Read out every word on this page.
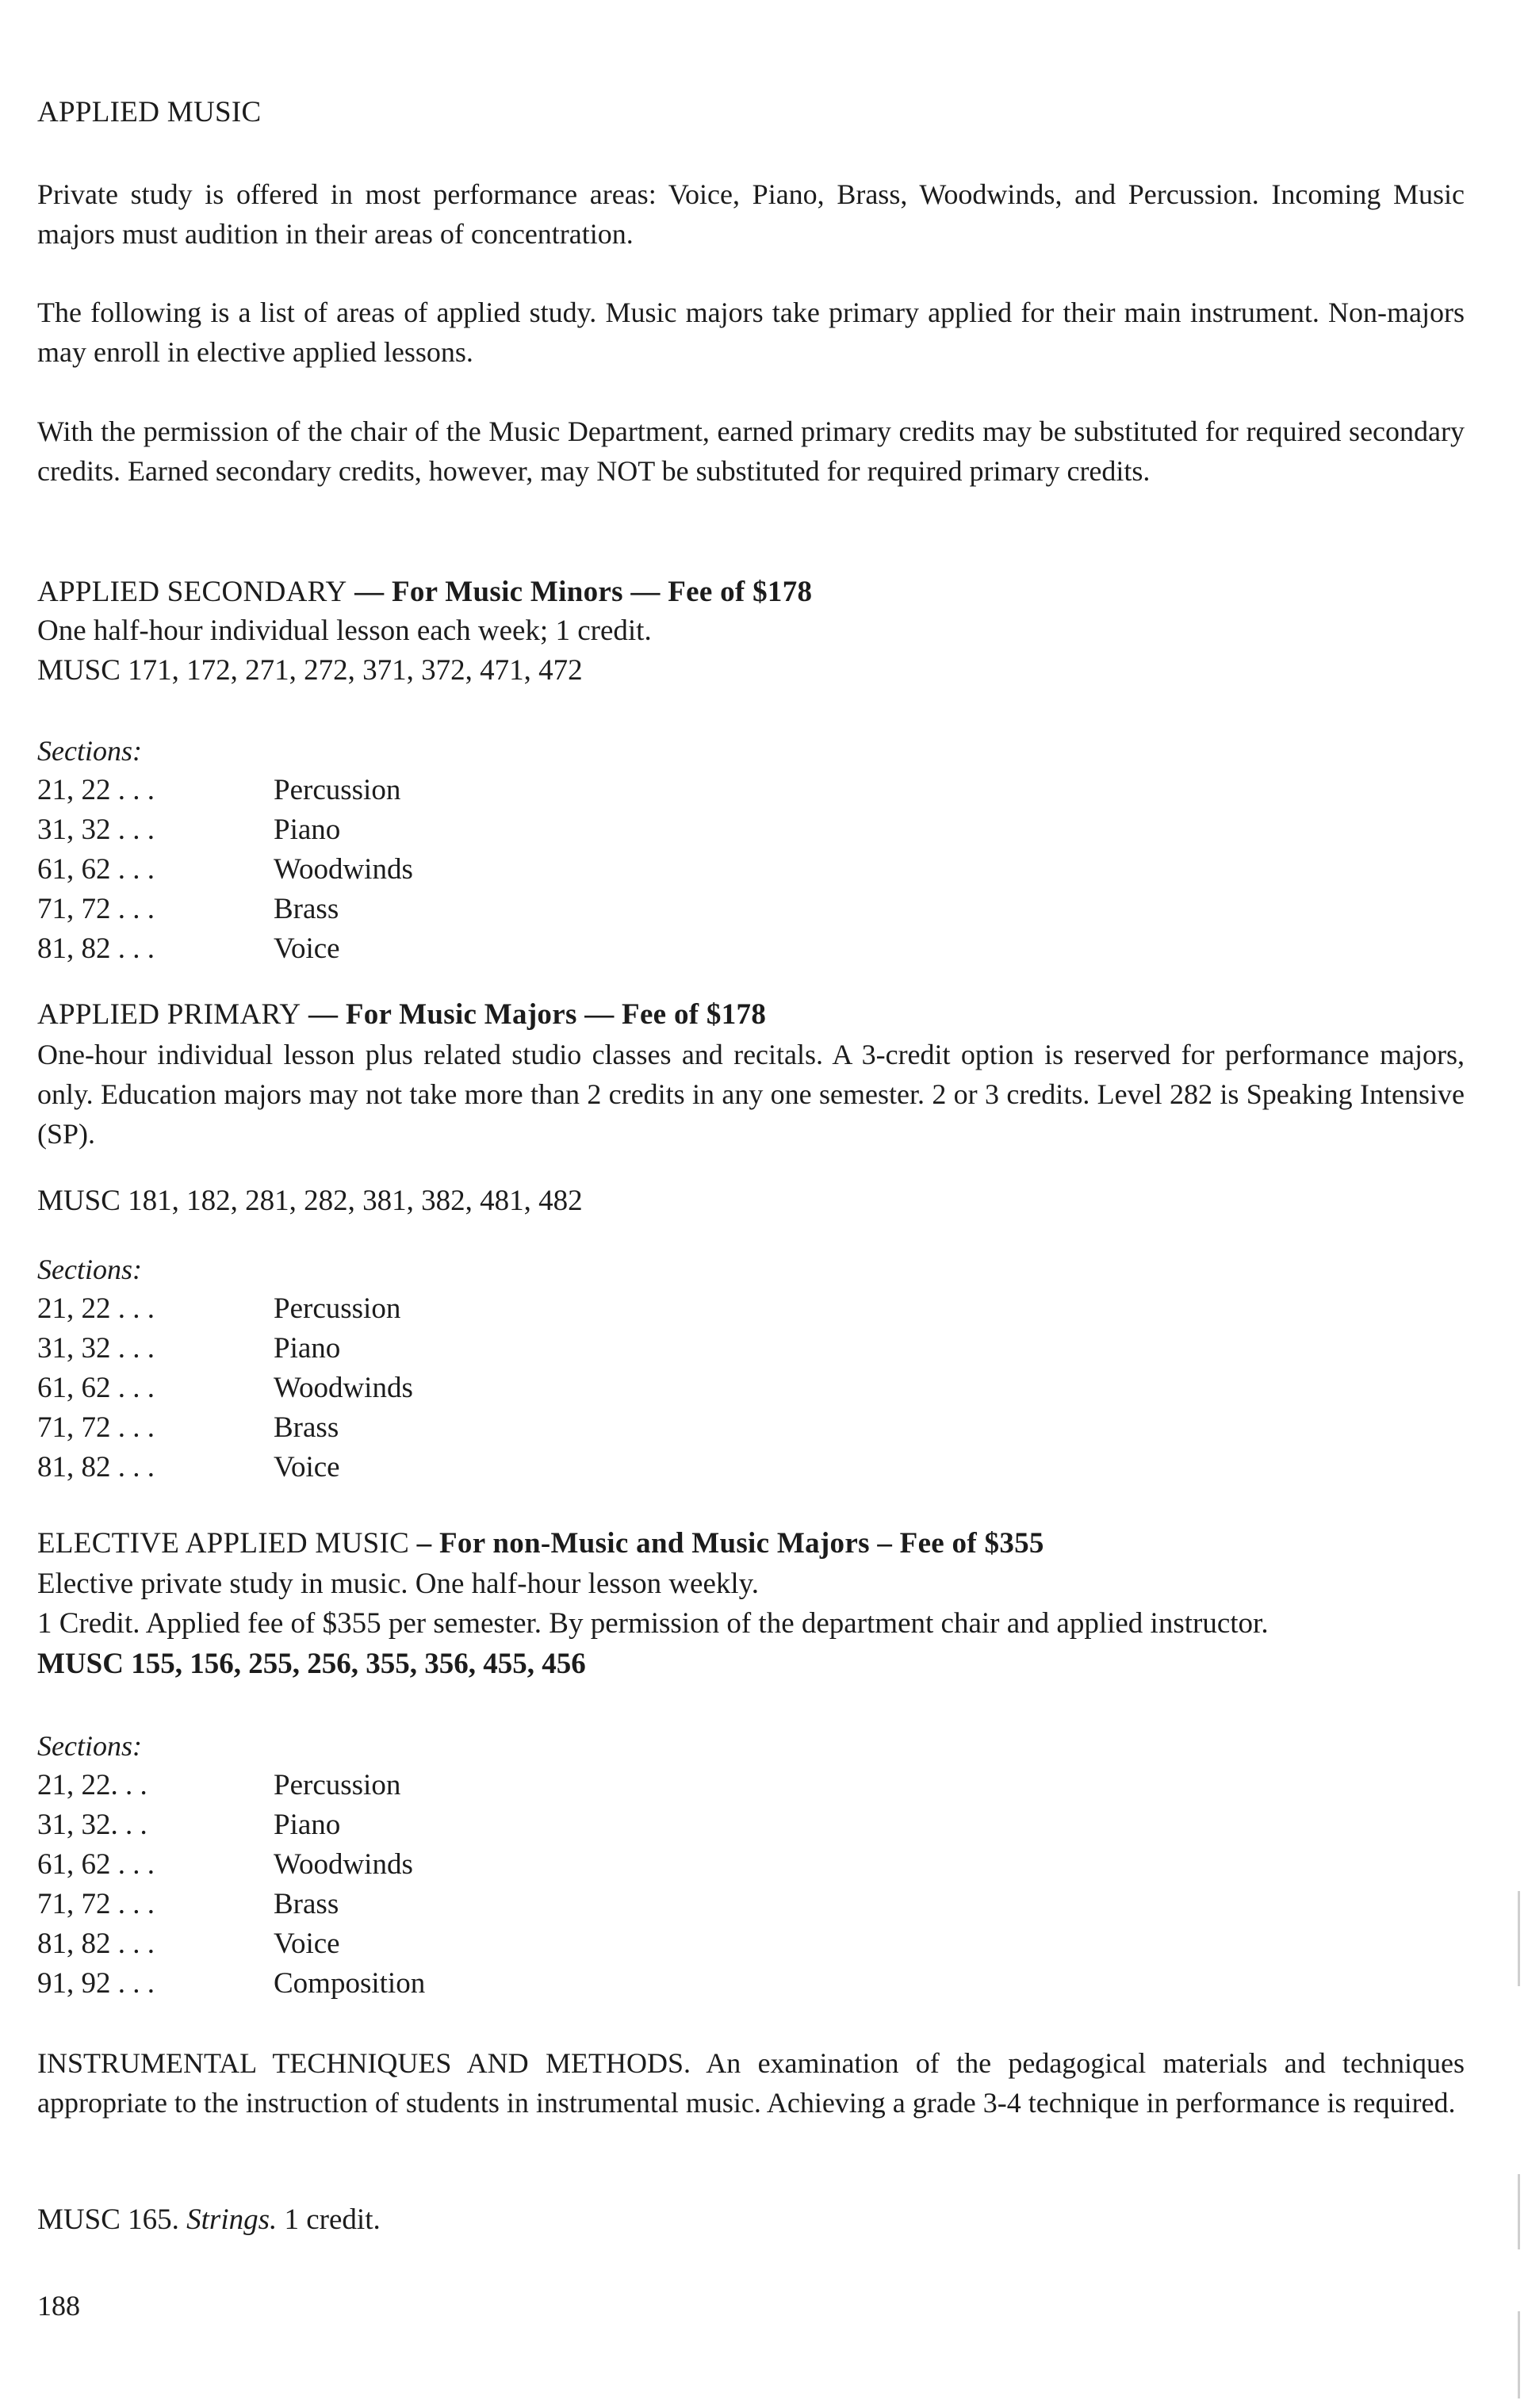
APPLIED MUSIC

Private study is offered in most performance areas: Voice, Piano, Brass, Woodwinds, and Percussion. Incoming Music majors must audition in their areas of concentration.

The following is a list of areas of applied study. Music majors take primary applied for their main instrument. Non-majors may enroll in elective applied lessons.

With the permission of the chair of the Music Department, earned primary credits may be substituted for required secondary credits. Earned secondary credits, however, may NOT be substituted for required primary credits.

APPLIED SECONDARY — For Music Minors — Fee of $178
One half-hour individual lesson each week; 1 credit.
MUSC 171, 172, 271, 272, 371, 372, 471, 472
Sections:
21, 22 . . .	Percussion
31, 32 . . .	Piano
61, 62 . . .	Woodwinds
71, 72 . . .	Brass
81, 82 . . .	Voice
APPLIED PRIMARY — For Music Majors — Fee of $178

One-hour individual lesson plus related studio classes and recitals. A 3-credit option is reserved for performance majors, only. Education majors may not take more than 2 credits in any one semester. 2 or 3 credits. Level 282 is Speaking Intensive (SP).

MUSC 181, 182, 281, 282, 381, 382, 481, 482
Sections:
21, 22 . . .	Percussion
31, 32 . . .	Piano
61, 62 . . .	Woodwinds
71, 72 . . .	Brass
81, 82 . . .	Voice
ELECTIVE APPLIED MUSIC – For non-Music and Music Majors – Fee of $355
Elective private study in music. One half-hour lesson weekly.
1 Credit. Applied fee of $355 per semester. By permission of the department chair and applied instructor.
MUSC 155, 156, 255, 256, 355, 356, 455, 456
Sections:
21, 22. . .	Percussion
31, 32. . .	Piano
61, 62 . . .	Woodwinds
71, 72 . . .	Brass
81, 82 . . .	Voice
91, 92 . . .	Composition

INSTRUMENTAL TECHNIQUES AND METHODS. An examination of the pedagogical materials and techniques appropriate to the instruction of students in instrumental music. Achieving a grade 3-4 technique in performance is required.

MUSC 165. Strings. 1 credit.
188
